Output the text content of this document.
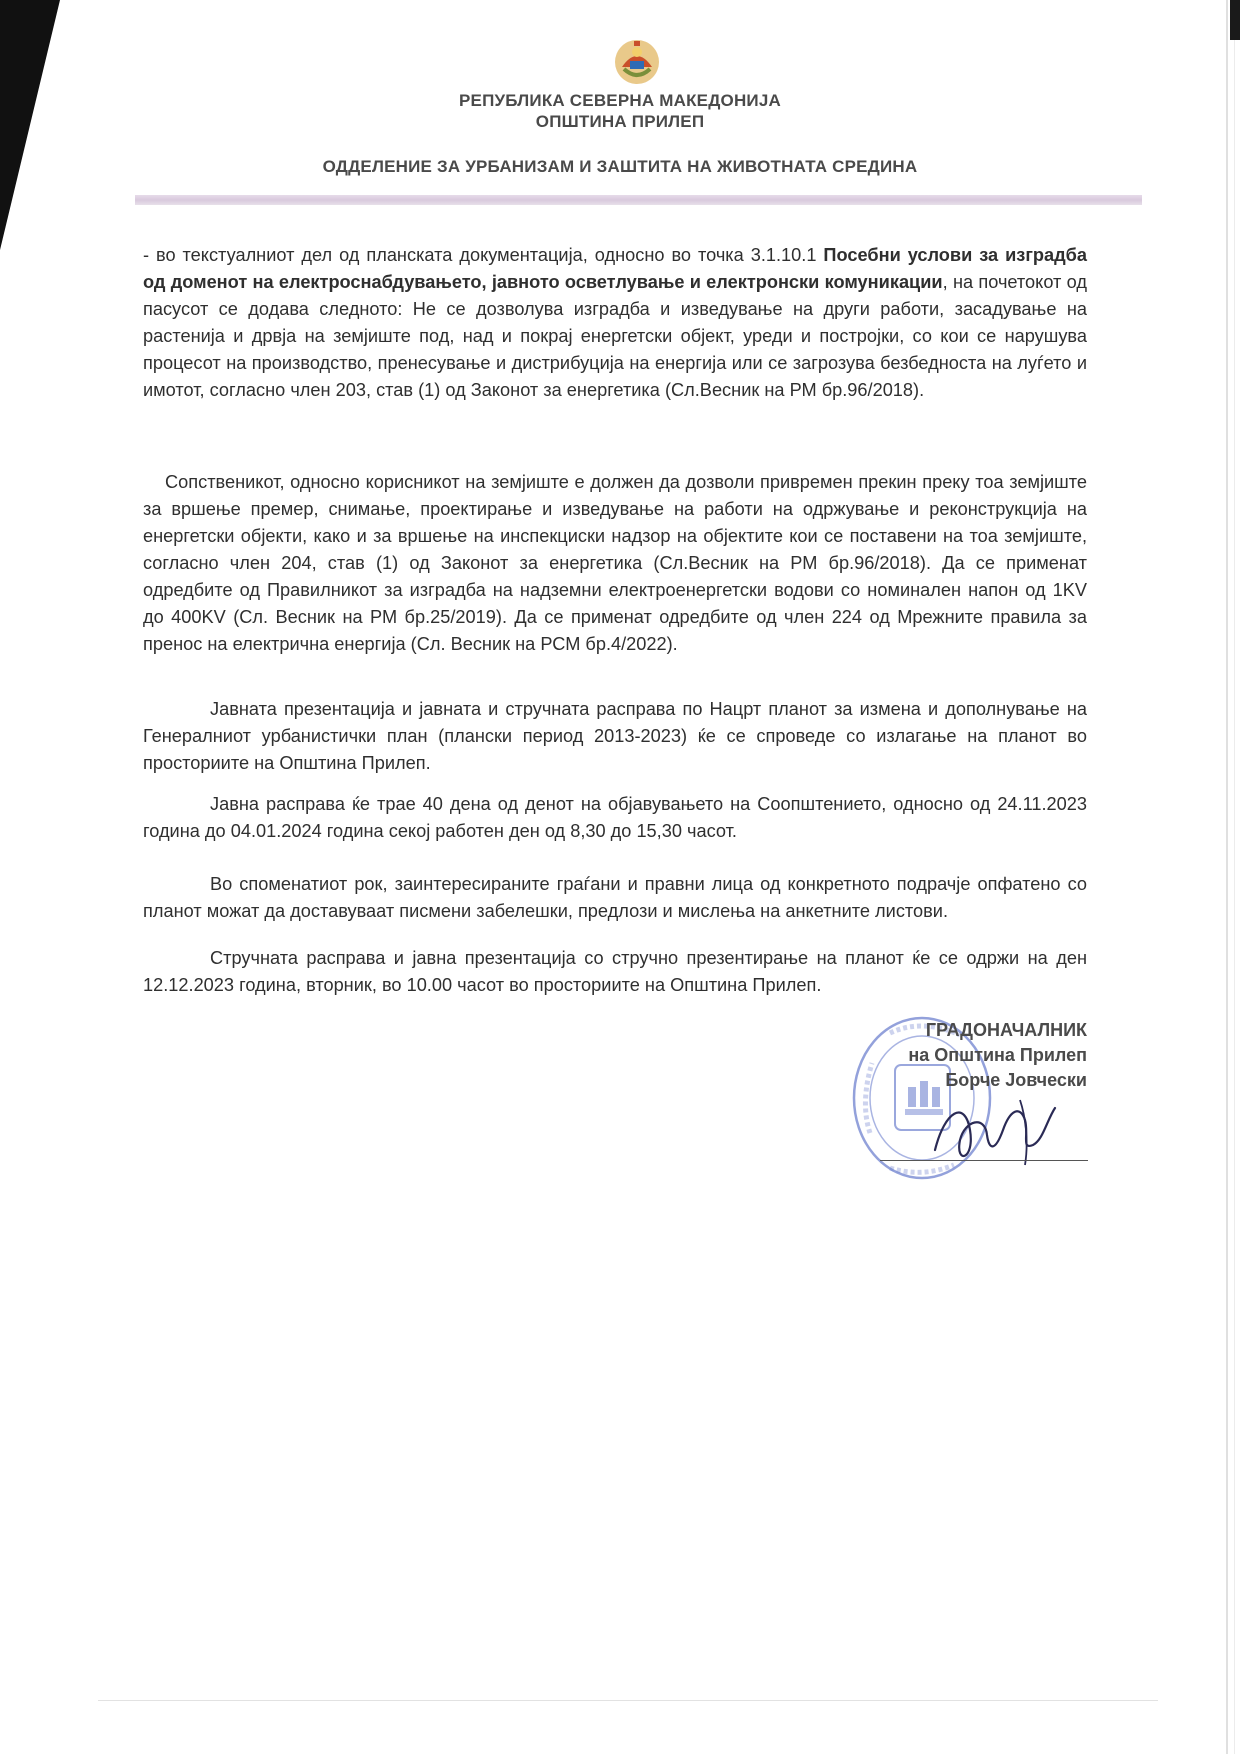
РЕПУБЛИКА СЕВЕРНА МАКЕДОНИЈА
ОПШТИНА ПРИЛЕП
ОДДЕЛЕНИЕ ЗА УРБАНИЗАМ И ЗАШТИТА НА ЖИВОТНАТА СРЕДИНА

- во текстуалниот дел од планската документација, односно во точка 3.1.10.1 Посебни услови за изградба од доменот на електроснабдувањето, јавното осветлување и електронски комуникации, на почетокот од пасусот се додава следното: Не се дозволува изградба и изведување на други работи, засадување на растенија и дрвја на земјиште под, над и покрај енергетски објект, уреди и постројки, со кои се нарушува процесот на производство, пренесување и дистрибуција на енергија или се загрозува безбедноста на луѓето и имотот, согласно член 203, став (1) од Законот за енергетика (Сл.Весник на РМ бр.96/2018).

Сопственикот, односно корисникот на земјиште е должен да дозволи привремен прекин преку тоа земјиште за вршење премер, снимање, проектирање и изведување на работи на одржување и реконструкција на енергетски објекти, како и за вршење на инспекциски надзор на објектите кои се поставени на тоа земјиште, согласно член 204, став (1) од Законот за енергетика (Сл.Весник на РМ бр.96/2018). Да се применат одредбите од Правилникот за изградба на надземни електроенергетски водови со номинален напон од 1KV до 400KV (Сл. Весник на РМ бр.25/2019). Да се применат одредбите од член 224 од Мрежните правила за пренос на електрична енергија (Сл. Весник на РСМ бр.4/2022).

Јавната презентација и јавната и стручната расправа по Нацрт планот за измена и дополнување на Генералниот урбанистички план (плански период 2013-2023) ќе се спроведе со излагање на планот во просториите на Општина Прилеп.

Јавна расправа ќе трае 40 дена од денот на објавувањето на Соопштението, односно од 24.11.2023 година до 04.01.2024 година секој работен ден од 8,30 до 15,30 часот.

Во споменатиот рок, заинтересираните граѓани и правни лица од конкретното подрачје опфатено со планот можат да доставуваат писмени забелешки, предлози и мислења на анкетните листови.

Стручната расправа и јавна презентација со стручно презентирање на планот ќе се одржи на ден 12.12.2023 година, вторник, во 10.00 часот во просториите на Општина Прилеп.

ГРАДОНАЧАЛНИК
на Општина Прилеп
Борче Јовчески
